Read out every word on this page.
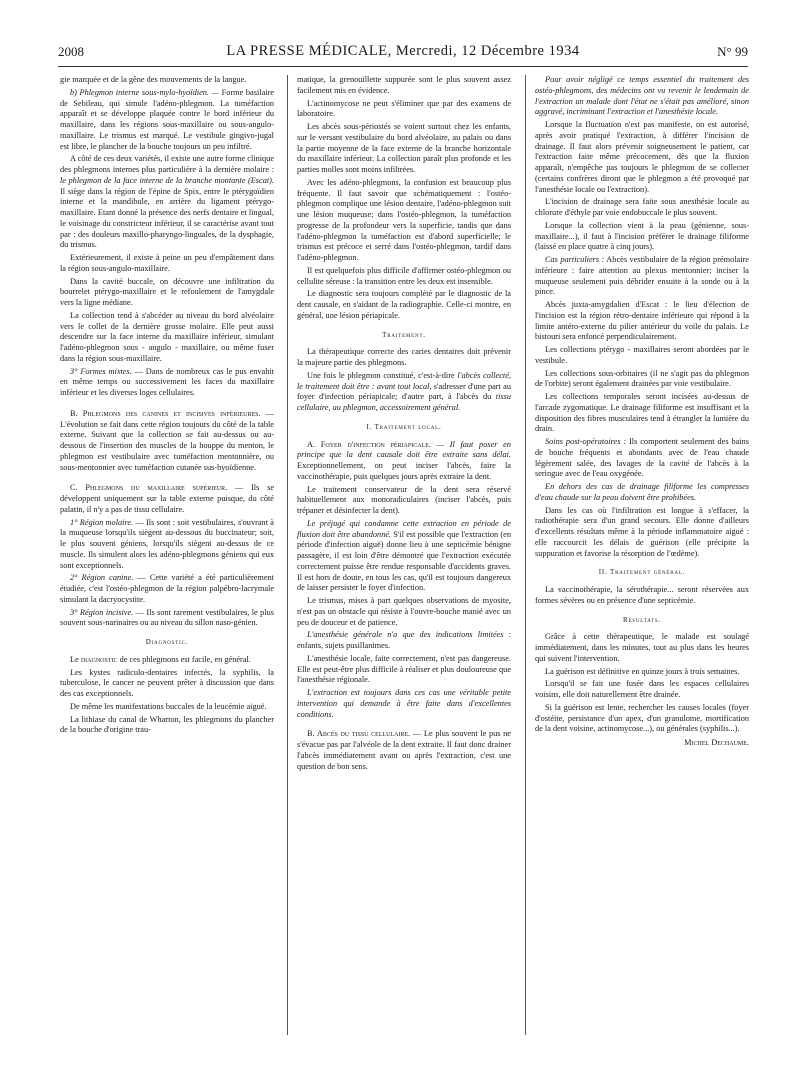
2008	LA PRESSE MÉDICALE, Mercredi, 12 Décembre 1934	N° 99

gie marquée et de la gêne des mouvements de la langue.

b) Phlegmon interne sous-mylo-hyoïdien. — Forme basilaire de Sebileau, qui simule l'adéno-phlegmon. La tuméfaction apparaît et se développe plaquée contre le bord inférieur du maxillaire, dans les régions sous-maxillaire ou sous-angulo-maxillaire. Le trismus est marqué. Le vestibule gingivo-jugal est libre, le plancher de la bouche toujours un peu infiltré.

A côté de ces deux variétés, il existe une autre forme clinique des phlegmons internes plus particulière à la dernière molaire : le phlegmon de la face interne de la branche montante (Escat). Il siège dans la région de l'épine de Spix, entre le ptérygoïdien interne et la mandibule, en arrière du ligament ptérygo-maxillaire. Etant donné la présence des nerfs dentaire et lingual, le voisinage du constricteur inférieur, il se caractérise avant tout par : des douleurs maxillo-pharyngo-linguales, de la dysphagie, du trismus.

Extérieurement, il existe à peine un peu d'empâtement dans la région sous-angulo-maxillaire.

Dans la cavité buccale, on découvre une infiltration du bourrelet ptérygo-maxillaire et le refoulement de l'amygdale vers la ligne médiane.

La collection tend à s'abcéder au niveau du bord alvéolaire vers le collet de la dernière grosse molaire. Elle peut aussi descendre sur la face interne du maxillaire inférieur, simulant l'adéno-phlegmon sous - angulo - maxillaire, ou même fuser dans la région sous-maxillaire.

3° Formes mixtes. — Dans de nombreux cas le pus envahit en même temps ou successivement les faces du maxillaire inférieur et les diverses loges cellulaires.

B. Phlegmons des canines et incisives inférieures. — L'évolution se fait dans cette région toujours du côté de la table externe. Suivant que la collection se fait au-dessus ou au-dessous de l'insertion des muscles de la houppe du menton, le phlegmon est vestibulaire avec tuméfaction mentonnière, ou sous-mentonnier avec tuméfaction cutanée sus-hyoïdienne.

C. Phlegmons du maxillaire supérieur. — Ils se développent uniquement sur la table externe puisque, du côté palatin, il n'y a pas de tissu cellulaire.

1° Région molaire. — Ils sont : soit vestibulaires, s'ouvrant à la muqueuse lorsqu'ils siègent au-dessous du buccinateur; soit, le plus souvent géniens, lorsqu'ils siègent au-dessus de ce muscle. Ils simulent alors les adéno-phlegmons géniens qui eux sont exceptionnels.

2° Région canine. — Cette variété a été particulièrement étudiée, c'est l'ostéo-phlegmon de la région palpébro-lacrymale simulant la dacryocystite.

3° Région incisive. — Ils sont rarement vestibulaires, le plus souvent sous-narinaires ou au niveau du sillon naso-génien.

Diagnostic.

Le diagnostic de ces phlegmons est facile, en général.

Les kystes radiculo-dentaires infectés, la syphilis, la tuberculose, le cancer ne peuvent prêter à discussion que dans des cas exceptionnels.

De même les manifestations buccales de la leucémie aiguë.

La lithiase du canal de Wharton, les phlegmons du plancher de la bouche d'origine trau-

matique, la grenouillette suppurée sont le plus souvent assez facilement mis en évidence.

L'actinomycose ne peut s'éliminer que par des examens de laboratoire.

Les abcès sous-périostés se voient surtout chez les enfants, sur le versant vestibulaire du bord alvéolaire, au palais ou dans la partie moyenne de la face externe de la branche horizontale du maxillaire inférieur. La collection paraît plus profonde et les parties molles sont moins infiltrées.

Avec les adéno-phlegmons, la confusion est beaucoup plus fréquente. Il faut savoir que schématiquement : l'ostéo-phlegmon complique une lésion dentaire, l'adéno-phlegmon suit une lésion muqueuse; dans l'ostéo-phlegmon, la tuméfaction progresse de la profondeur vers la superficie, tandis que dans l'adéno-phlegmon la tuméfaction est d'abord superficielle; le trismus est précoce et serré dans l'ostéo-phlegmon, tardif dans l'adéno-phlegmon.

Il est quelquefois plus difficile d'affirmer ostéo-phlegmon ou cellulite séreuse : la transition entre les deux est insensible.

Le diagnostic sera toujours complété par le diagnostic de la dent causale, en s'aidant de la radiographie. Celle-ci montre, en général, une lésion périapicale.

Traitement.

La thérapeutique correcte des caries dentaires doit prévenir la majeure partie des phlegmons.

Une fois le phlegmon constitué, c'est-à-dire l'abcès collecté, le traitement doit être : avant tout local, s'adresser d'une part au foyer d'infection périapicale; d'autre part, à l'abcès du tissu cellulaire, au phlegmon, accessoirement général.

I. Traitement local.

A. Foyer d'infection périapicale. — Il faut poser en principe que la dent causale doit être extraite sans délai. Exceptionnellement, on peut inciser l'abcès, faire la vaccinothérapie, puis quelques jours après extraire la dent.

Le traitement conservateur de la dent sera réservé habituellement aux monoradiculaires (inciser l'abcès, puis trépaner et désinfecter la dent).

Le préjugé qui condamne cette extraction en période de fluxion doit être abandonné. S'il est possible que l'extraction (en période d'infection aiguë) donne lieu à une septicémie bénigne passagère, il est loin d'être démontré que l'extraction exécutée correctement puisse être rendue responsable d'accidents graves. Il est hors de doute, en tous les cas, qu'il est toujours dangereux de laisser persister le foyer d'infection.

Le trismus, mises à part quelques observations de myosite, n'est pas un obstacle qui résiste à l'ouvre-bouche manié avec un peu de douceur et de patience.

L'anesthésie générale n'a que des indications limitées : enfants, sujets pusillanimes.

L'anesthésie locale, faite correctement, n'est pas dangereuse. Elle est peut-être plus difficile à réaliser et plus douloureuse que l'anesthésie régionale.

L'extraction est toujours dans ces cas une véritable petite intervention qui demande à être faite dans d'excellentes conditions.

B. Abcès du tissu cellulaire. — Le plus souvent le pus ne s'évacue pas par l'alvéole de la dent extraite. Il faut donc drainer l'abcès immédiatement avant ou après l'extraction, c'est une question de bon sens.

Pour avoir négligé ce temps essentiel du traitement des ostéo-phlegmons, des médecins ont vu revenir le lendemain de l'extraction un malade dont l'état ne s'était pas amélioré, sinon aggravé, incriminant l'extraction et l'anesthésie locale.

Lorsque la fluctuation n'est pas manifeste, on est autorisé, après avoir pratiqué l'extraction, à différer l'incision de drainage. Il faut alors prévenir soigneusement le patient, car l'extraction faite même précocement, dès que la fluxion apparaît, n'empêche pas toujours le phlegmon de se collecter (certains confrères diront que le phlegmon a été provoqué par l'anesthésie locale ou l'extraction).

L'incision de drainage sera faite sous anesthésie locale au chlorure d'éthyle par voie endobuccale le plus souvent.

Lorsque la collection vient à la peau (génienne, sous-maxillaire...), il faut à l'incision préférer le drainage filiforme (laissé en place quatre à cinq jours).

Cas particuliers : Abcès vestibulaire de la région prémolaire inférieure : faire attention au plexus mentonnier; inciser la muqueuse seulement puis débrider ensuite à la sonde ou à la pince.

Abcès juxta-amygdalien d'Escat : le lieu d'élection de l'incision est la région rétro-dentaire inférieure qui répond à la limite antéro-externe du pilier antérieur du voile du palais. Le bistouri sera enfoncé perpendiculairement.

Les collections ptérygo - maxillaires seront abordées par le vestibule.

Les collections sous-orbitaires (il ne s'agit pas du phlegmon de l'orbite) seront également drainées par voie vestibulaire.

Les collections temporales seront incisées au-dessus de l'arcade zygomatique. Le drainage filiforme est insuffisant et la disposition des fibres musculaires tend à étrangler la lumière du drain.

Soins post-opératoires : Ils comportent seulement des bains de bouche fréquents et abondants avec de l'eau chaude légèrement salée, des lavages de la cavité de l'abcès à la seringue avec de l'eau oxygénée.

En dehors des cas de drainage filiforme les compresses d'eau chaude sur la peau doivent être prohibées.

Dans les cas où l'infiltration est longue à s'effacer, la radiothérapie sera d'un grand secours. Elle donne d'ailleurs d'excellents résultats même à la période inflammatoire aiguë : elle raccourcit les délais de guérison (elle précipite la suppuration et favorise la résorption de l'œdème).

II. Traitement général.

La vaccinothérapie, la sérothérapie... seront réservées aux formes sévères ou en présence d'une septicémie.

Résultats.

Grâce à cette thérapeutique, le malade est soulagé immédiatement, dans les minutes, tout au plus dans les heures qui suivent l'intervention.

La guérison est définitive en quinze jours à trois semaines.

Lorsqu'il se fait une fusée dans les espaces cellulaires voisins, elle doit naturellement être drainée.

Si la guérison est lente, rechercher les causes locales (foyer d'ostéite, persistance d'un apex, d'un granulome, mortification de la dent voisine, actinomycose...), ou générales (syphilis...).

Michel Dechaume.
